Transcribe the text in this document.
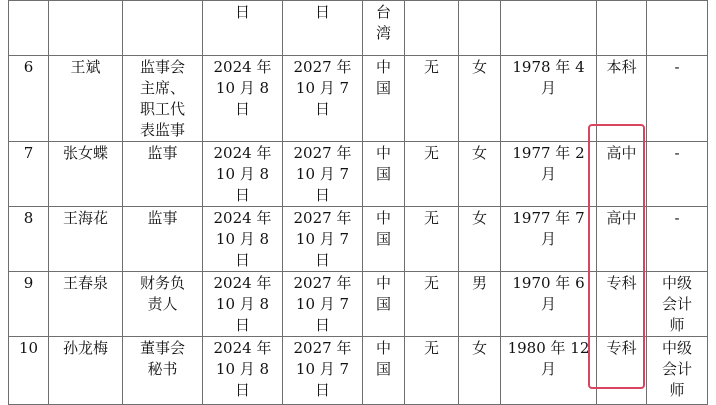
			日	日	台
湾					
6	王斌	监事会
主席、
职工代
表监事	2024 年
10 月 8
日	2027 年
10 月 7
日	中
国	无	女	1978 年 4
月	本科	-
7	张女蝶	监事	2024 年
10 月 8
日	2027 年
10 月 7
日	中
国	无	女	1977 年 2
月	高中	-
8	王海花	监事	2024 年
10 月 8
日	2027 年
10 月 7
日	中
国	无	女	1977 年 7
月	高中	-
9	王春泉	财务负
责人	2024 年
10 月 8
日	2027 年
10 月 7
日	中
国	无	男	1970 年 6
月	专科	中级
会计
师
10	孙龙梅	董事会
秘书	2024 年
10 月 8
日	2027 年
10 月 7
日	中
国	无	女	1980 年 12
月	专科	中级
会计
师
